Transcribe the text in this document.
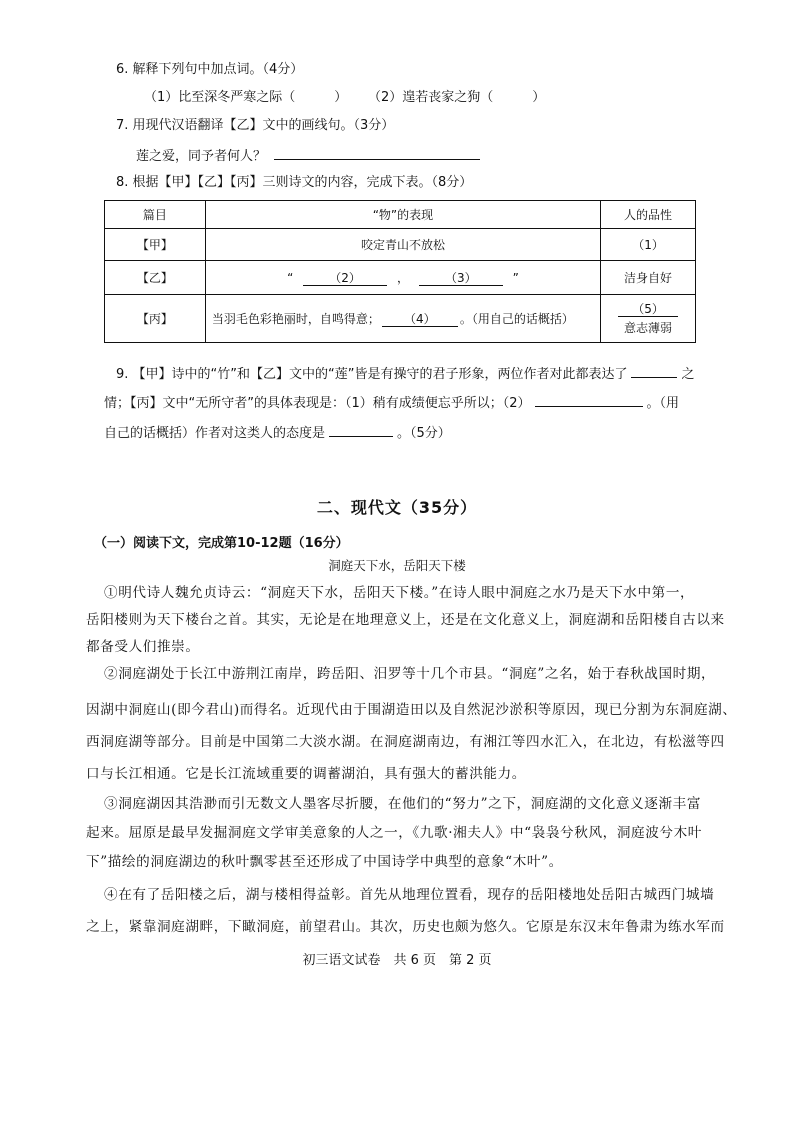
6. 解释下列句中加点词。（4分）
（1）比至深冬严寒之际（　　　） （2）遑若丧家之狗（　　　）
7. 用现代汉语翻译【乙】文中的画线句。（3分）
莲之爱，同予者何人？
8. 根据【甲】【乙】【丙】三则诗文的内容，完成下表。（8分）
篇目	“物”的表现	人的品性
【甲】	咬定青山不放松	（1）
【乙】	“ （2） ， （3） ”	洁身自好
【丙】	当羽毛色彩艳丽时，自鸣得意； （4） 。（用自己的话概括）	（5）
意志薄弱
9. 【甲】诗中的“竹”和【乙】文中的“莲”皆是有操守的君子形象，两位作者对此都表达了	之
情；【丙】文中“无所守者”的具体表现是：（1）稍有成绩便忘乎所以；（2）	。（用
自己的话概括）作者对这类人的态度是	。（5分）
二、现代文（35分）
（一）阅读下文，完成第10-12题（16分）
洞庭天下水，岳阳天下楼
①明代诗人魏允贞诗云：“洞庭天下水，岳阳天下楼。”在诗人眼中洞庭之水乃是天下水中第一，
岳阳楼则为天下楼台之首。其实，无论是在地理意义上，还是在文化意义上，洞庭湖和岳阳楼自古以来
都备受人们推崇。
②洞庭湖处于长江中游荆江南岸，跨岳阳、汨罗等十几个市县。“洞庭”之名，始于春秋战国时期，
因湖中洞庭山(即今君山)而得名。近现代由于围湖造田以及自然泥沙淤积等原因，现已分割为东洞庭湖、
西洞庭湖等部分。目前是中国第二大淡水湖。在洞庭湖南边，有湘江等四水汇入，在北边，有松滋等四
口与长江相通。它是长江流域重要的调蓄湖泊，具有强大的蓄洪能力。
③洞庭湖因其浩渺而引无数文人墨客尽折腰，在他们的“努力”之下，洞庭湖的文化意义逐渐丰富
起来。屈原是最早发掘洞庭文学审美意象的人之一，《九歌·湘夫人》中“袅袅兮秋风，洞庭波兮木叶
下”描绘的洞庭湖边的秋叶飘零甚至还形成了中国诗学中典型的意象“木叶”。
④在有了岳阳楼之后，湖与楼相得益彰。首先从地理位置看，现存的岳阳楼地处岳阳古城西门城墙
之上，紧靠洞庭湖畔，下瞰洞庭，前望君山。其次，历史也颇为悠久。它原是东汉末年鲁肃为练水军而
初三语文试卷　共 6 页　第 2 页
